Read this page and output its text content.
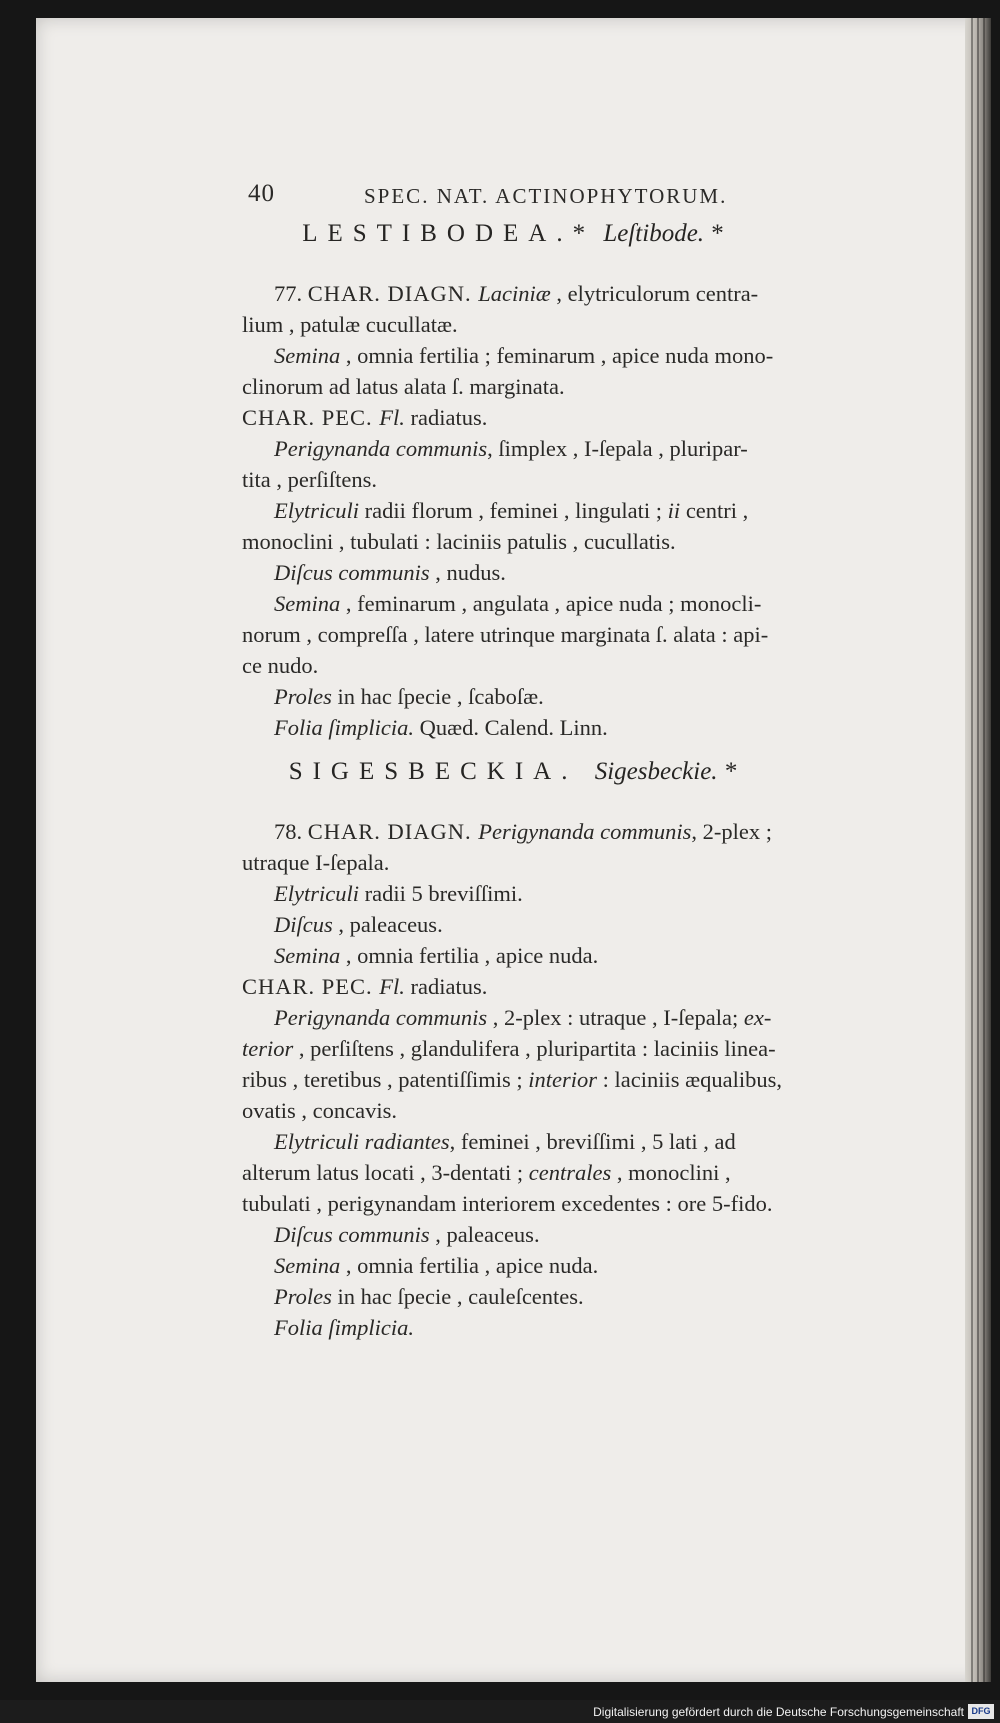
40	SPEC. NAT. ACTINOPHYTORUM.
LESTIBODEA.* Leſtibode. *
77. CHAR. DIAGN. Laciniæ , elytriculorum centra-
lium , patulæ cucullatæ.
Semina , omnia fertilia ; feminarum , apice nuda mono-
clinorum ad latus alata ſ. marginata.
CHAR. PEC. Fl. radiatus.
Perigynanda communis, ſimplex , I-ſepala , pluripar-
tita , perſiſtens.
Elytriculi radii florum , feminei , lingulati ; ii centri ,
monoclini , tubulati : laciniis patulis , cucullatis.
Diſcus communis , nudus.
Semina , feminarum , angulata , apice nuda ; monocli-
norum , compreſſa , latere utrinque marginata ſ. alata : api-
ce nudo.
Proles in hac ſpecie , ſcaboſæ.
Folia ſimplicia. Quæd. Calend. Linn.
SIGESBECKIA. Sigesbeckie. *
78. CHAR. DIAGN. Perigynanda communis, 2-plex ;
utraque I-ſepala.
Elytriculi radii 5 breviſſimi.
Diſcus , paleaceus.
Semina , omnia fertilia , apice nuda.
CHAR. PEC. Fl. radiatus.
Perigynanda communis , 2-plex : utraque , I-ſepala; ex-
terior , perſiſtens , glandulifera , pluripartita : laciniis linea-
ribus , teretibus , patentiſſimis ; interior : laciniis æqualibus,
ovatis , concavis.
Elytriculi radiantes, feminei , breviſſimi , 5 lati , ad
alterum latus locati , 3-dentati ; centrales , monoclini ,
tubulati , perigynandam interiorem excedentes : ore 5-fido.
Diſcus communis , paleaceus.
Semina , omnia fertilia , apice nuda.
Proles in hac ſpecie , cauleſcentes.
Folia ſimplicia.
Digitalisierung gefördert durch die Deutsche Forschungsgemeinschaft DFG
